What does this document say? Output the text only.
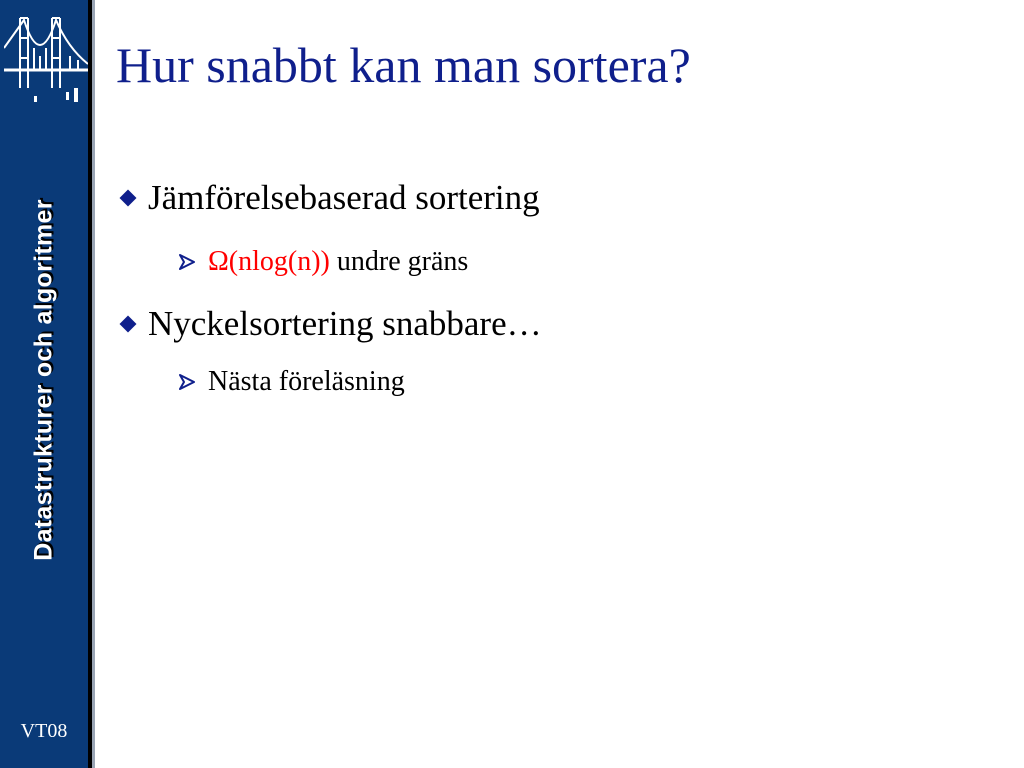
Datastrukturer och algoritmer
VT08
Hur snabbt kan man sortera?
Jämförelsebaserad sortering
Ω(nlog(n)) undre gräns
Nyckelsortering snabbare…
Nästa föreläsning
